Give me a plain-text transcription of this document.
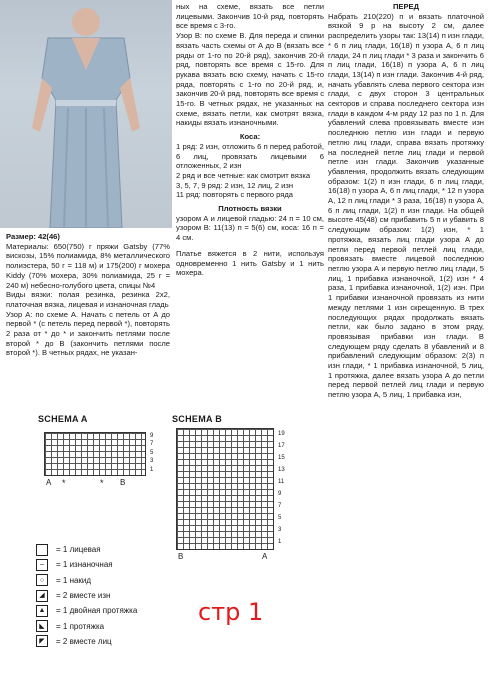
Размер: 42(46)

Материалы: 650(750) г пряжи Gatsby (77% вискозы, 15% полиамида, 8% металлического полиэстера, 50 г = 118 м) и 175(200) г мохера Kiddy (70% мохера, 30% полиамида, 25 г = 240 м) небесно-голубого цвета, спицы №4

Виды вязки: полая резинка, резинка 2х2, платочная вязка, лицевая и изнаночная гладь

Узор А: по схеме А. Начать с петель от А до первой * (с петель перед первой *), повторять 2 раза от * до * и закончить петлями после второй * до В (закончить петлями после второй *). В четных рядах, не указан-

ных на схеме, вязать все петли лицевыми. Закончив 10-й ряд, повторять все время с 3-го.

Узор В: по схеме В. Для переда и спинки вязать часть схемы от А до В (вязать все ряды от 1-го по 20-й ряд), закончив 20-й ряд, повторять все время с 15-го. Для рукава вязать всю схему, начать с 15-го ряда, повторять с 1-го по 20-й ряд, и, закончив 20-й ряд, повторять все время с 15-го. В четных рядах, не указанных на схеме, вязать петли, как смотрят вязка, накиды вязать изнаночными.

Коса:

1 ряд: 2 изн, отложить 6 п перед работой, 6 лиц, провязать лицевыми 6 отложенных, 2 изн

2 ряд и все четные: как смотрит вязка

3, 5, 7, 9 ряд: 2 изн, 12 лиц, 2 изн

11 ряд: повторять с первого ряда

Плотность вязки

узором А и лицевой гладью: 24 п = 10 см, узором В: 11(13) п = 5(6) см, коса: 16 п = 4 см.

Платье вяжется в 2 нити, используя одновременно 1 нить Gatsby и 1 нить мохера.

ПЕРЕД

Набрать 210(220) п и вязать платочной вязкой 9 р на высоту 2 см, далее распределить узоры так: 13(14) п изн глади, * 6 п лиц глади, 16(18) п узора А, 6 п лиц глади, 24 п лиц глади * 3 раза и закончить 6 п лиц глади, 16(18) п узора А, 6 п лиц глади, 13(14) п изн глади. Закончив 4-й ряд, начать убавлять слева первого сектора изн глади, с двух сторон 3 центральных секторов и справа последнего сектора изн глади в каждом 4-м ряду 12 раз по 1 п. Для убавлений слева провязывать вместе изн последнюю петлю изн глади и первую петлю лиц глади, справа вязать протяжку на последней петле лиц глади и первой петле изн глади. Закончив указанные убавления, продолжить вязать следующим образом: 1(2) п изн глади, 6 п лиц глади, 16(18) п узора А, 6 п лиц глади, * 12 п узора А, 12 п лиц глади * 3 раза, 16(18) п узора А, 6 п лиц глади, 1(2) п изн глади. На общей высоте 45(48) см прибавить 5 п и убавить 8 следующим образом: 1(2) изн, * 1 протяжка, вязать лиц глади узора А до петли перед первой петлей лиц глади, провязать вместе лицевой последнюю петлю узора А и первую петлю лиц глади, 5 лиц, 1 прибавка изнаночной, 1(2) изн * 4 раза, 1 прибавка изнаночной, 1(2) изн. При 1 прибавки изнаночной провязать из нити между петлями 1 изн скрещенную. В трех последующих рядах продолжать вязать петли, как было задано в этом ряду, провязывая прибавки изн глади. В следующем ряду сделать 8 убавлений и 8 прибавлений следующим образом: 2(3) п изн глади, * 1 прибавка изнаночной, 5 лиц, 1 протяжка, далее вязать узора А до петли перед первой петлей лиц глади и первую петлю узора А, 5 лиц, 1 прибавка изн,

SCHEMA A
9
7
5
3
1
A *	* B
SCHEMA B
19
17
15
13
11
9
7
5
3
1
B	A
= 1 лицевая
–	= 1 изнаночная
○	= 1 накид
◢	= 2 вместе изн
▲	= 1 двойная протяжка
◣	= 1 протяжка
◤	= 2 вместе лиц
стр 1
